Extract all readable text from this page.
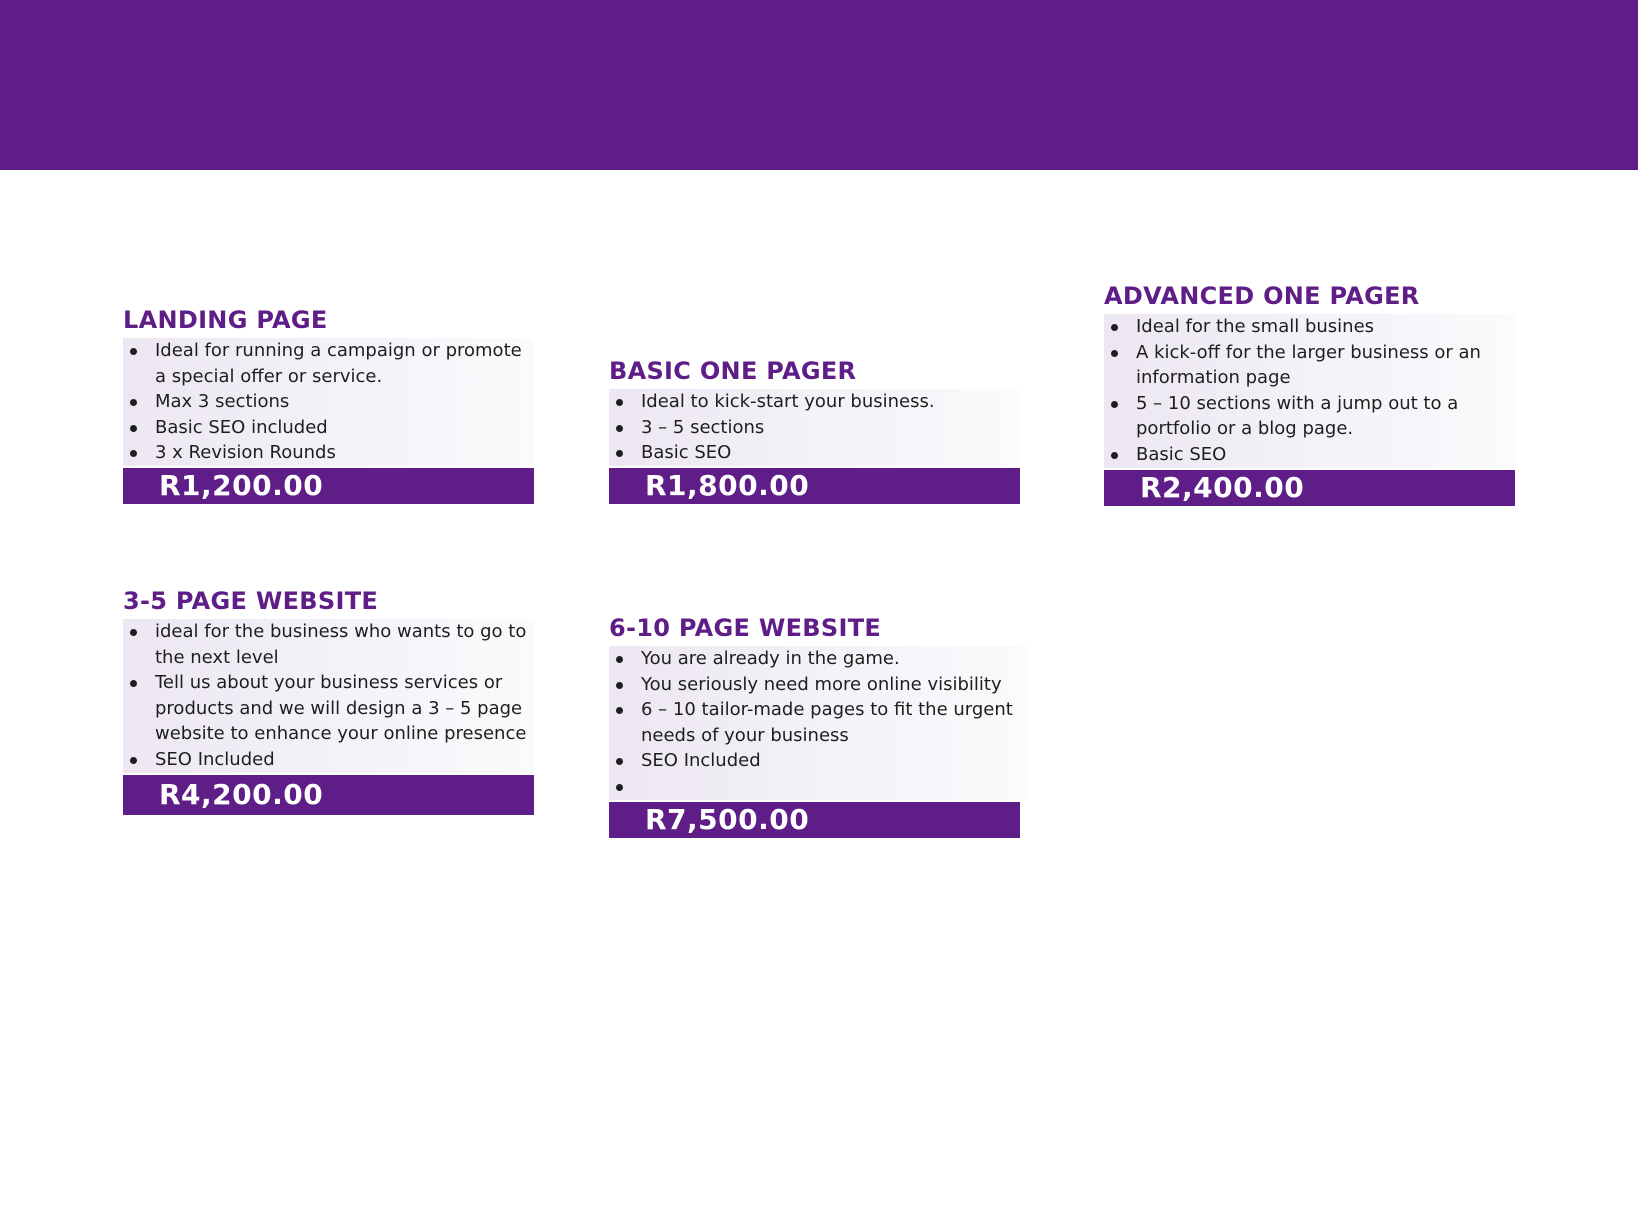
LANDING PAGE
Ideal for running a campaign or promote a special offer or service.
Max 3 sections
Basic SEO included
3 x Revision Rounds
R1,200.00
BASIC ONE PAGER
Ideal to kick-start your business.
3 – 5 sections
Basic SEO
R1,800.00
ADVANCED ONE PAGER
Ideal for the small busines
A kick-off for the larger business or an information page
5 – 10 sections with a jump out to a portfolio or a blog page.
Basic SEO
R2,400.00
3-5 PAGE WEBSITE
ideal for the business who wants to go to the next level
Tell us about your business services or products and we will design a 3 – 5 page website to enhance your online presence
SEO Included
R4,200.00
6-10 PAGE WEBSITE
You are already in the game.
You seriously need more online visibility
6 – 10 tailor-made pages to fit the urgent needs of your business
SEO Included
R7,500.00
